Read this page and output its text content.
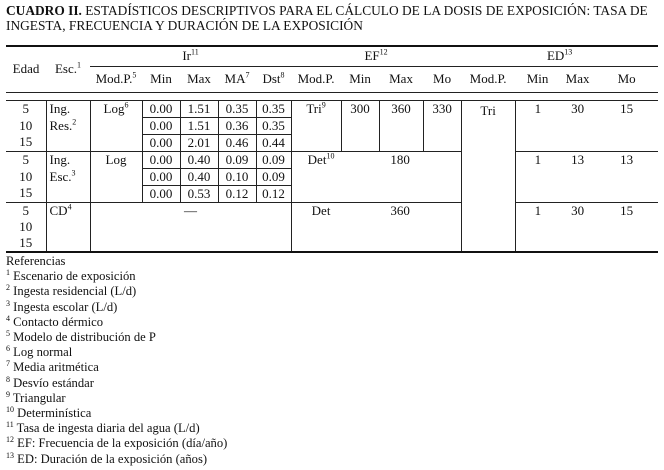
CUADRO II. ESTADÍSTICOS DESCRIPTIVOS PARA EL CÁLCULO DE LA DOSIS DE EXPOSICIÓN: TASA DE INGESTA, FRECUENCIA Y DURACIÓN DE LA EXPOSICIÓN
Edad	Esc.$^1$	Ir$^{11}$					EF$^{12}$				ED$^{13}$
		Mod.P.$^5$	Min	Max	$MA^7$	Dst$^8$	Mod.P.	Min	Max	Mo	Mod.P.	Min	Max	Mo

5	Ing.	Log$^6$	0.00	1.51	0.35	0.35	Tri$^9$	300	360	330	Tri	1	30	15
10	Res.$^2$		0.00	1.51	0.36	0.35								
15			0.00	2.01	0.46	0.44								
5	Ing.	Log	0.00	0.40	0.09	0.09	Det$^{10}$ 180					1	13	13
10	Esc.$^3$		0.00	0.40	0.10	0.09								
15			0.00	0.53	0.12	0.12								
5	$CD^4$	—					Det 360					1	30	15
10														
15														
Referencias
$^1$ Escenario de exposición
$^2$ Ingesta residencial (L/d)
$^3$ Ingesta escolar (L/d)
$^4$ Contacto dérmico
$^5$ Modelo de distribución de P
$^6$ Log normal
$^7$ Media aritmética
$^8$ Desvío estándar
$^9$ Triangular
$^{10}$ Determinística
$^{11}$ Tasa de ingesta diaria del agua (L/d)
$^{12}$ EF: Frecuencia de la exposición (día/año)
$^{13}$ ED: Duración de la exposición (años)
